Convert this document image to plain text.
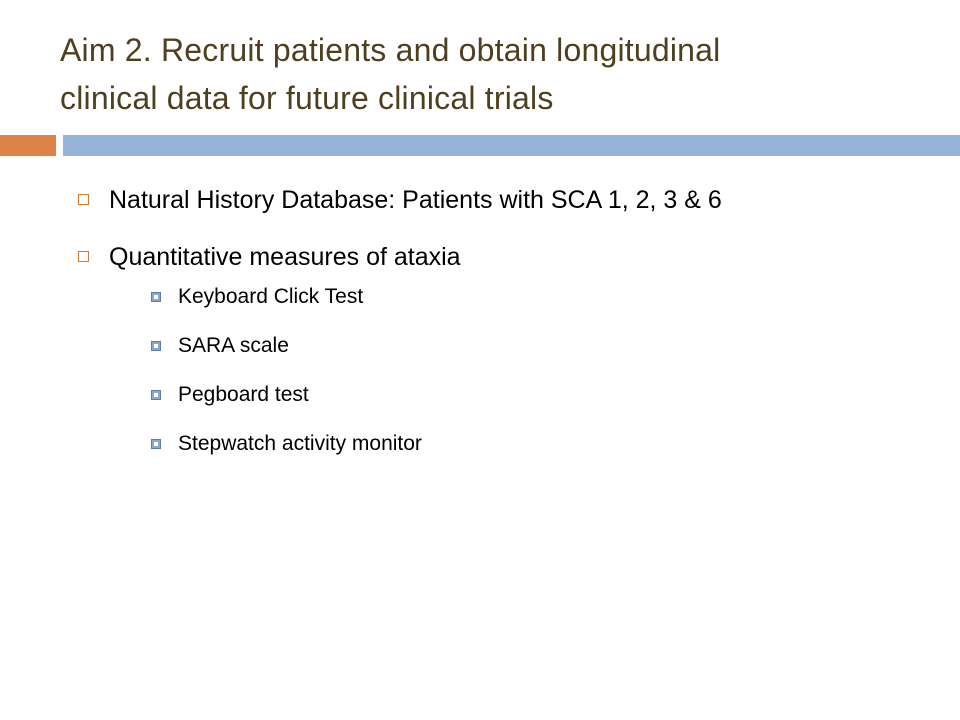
Aim 2. Recruit patients and obtain longitudinal
clinical data for future clinical trials
Natural History Database: Patients with SCA 1, 2, 3 & 6
Quantitative measures of ataxia
Keyboard Click Test
SARA scale
Pegboard test
Stepwatch activity monitor
